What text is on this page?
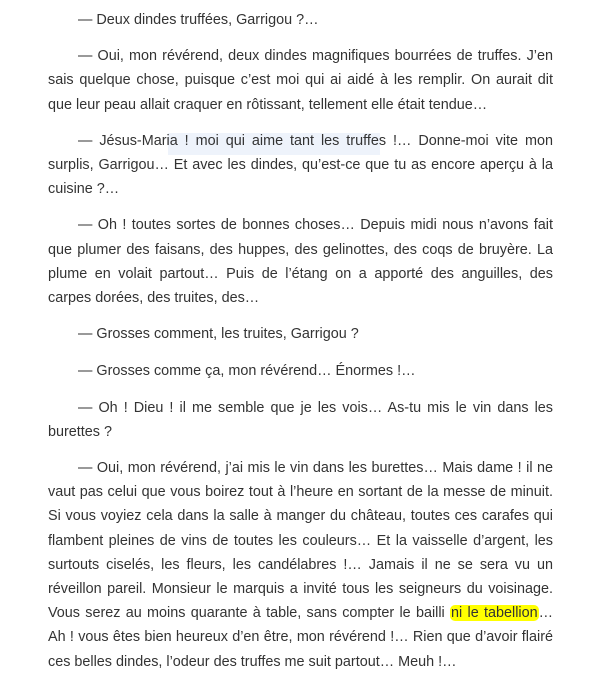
— Deux dindes truffées, Garrigou ?…

— Oui, mon révérend, deux dindes magnifiques bourrées de truffes. J’en sais quelque chose, puisque c’est moi qui ai aidé à les remplir. On aurait dit que leur peau allait craquer en rôtissant, tellement elle était tendue…

— Jésus-Maria ! moi qui aime tant les truffes !… Donne-moi vite mon surplis, Garrigou… Et avec les dindes, qu’est-ce que tu as encore aperçu à la cuisine ?…

— Oh ! toutes sortes de bonnes choses… Depuis midi nous n’avons fait que plumer des faisans, des huppes, des gelinottes, des coqs de bruyère. La plume en volait partout… Puis de l’étang on a apporté des anguilles, des carpes dorées, des truites, des…

— Grosses comment, les truites, Garrigou ?

— Grosses comme ça, mon révérend… Énormes !…

— Oh ! Dieu ! il me semble que je les vois… As-tu mis le vin dans les burettes ?

— Oui, mon révérend, j’ai mis le vin dans les burettes… Mais dame ! il ne vaut pas celui que vous boirez tout à l’heure en sortant de la messe de minuit. Si vous voyiez cela dans la salle à manger du château, toutes ces carafes qui flambent pleines de vins de toutes les couleurs… Et la vaisselle d’argent, les surtouts ciselés, les fleurs, les candélabres !… Jamais il ne se sera vu un réveillon pareil. Monsieur le marquis a invité tous les seigneurs du voisinage. Vous serez au moins quarante à table, sans compter le bailli ni le tabellion… Ah ! vous êtes bien heureux d’en être, mon révérend !… Rien que d’avoir flairé ces belles dindes, l’odeur des truffes me suit partout… Meuh !…
